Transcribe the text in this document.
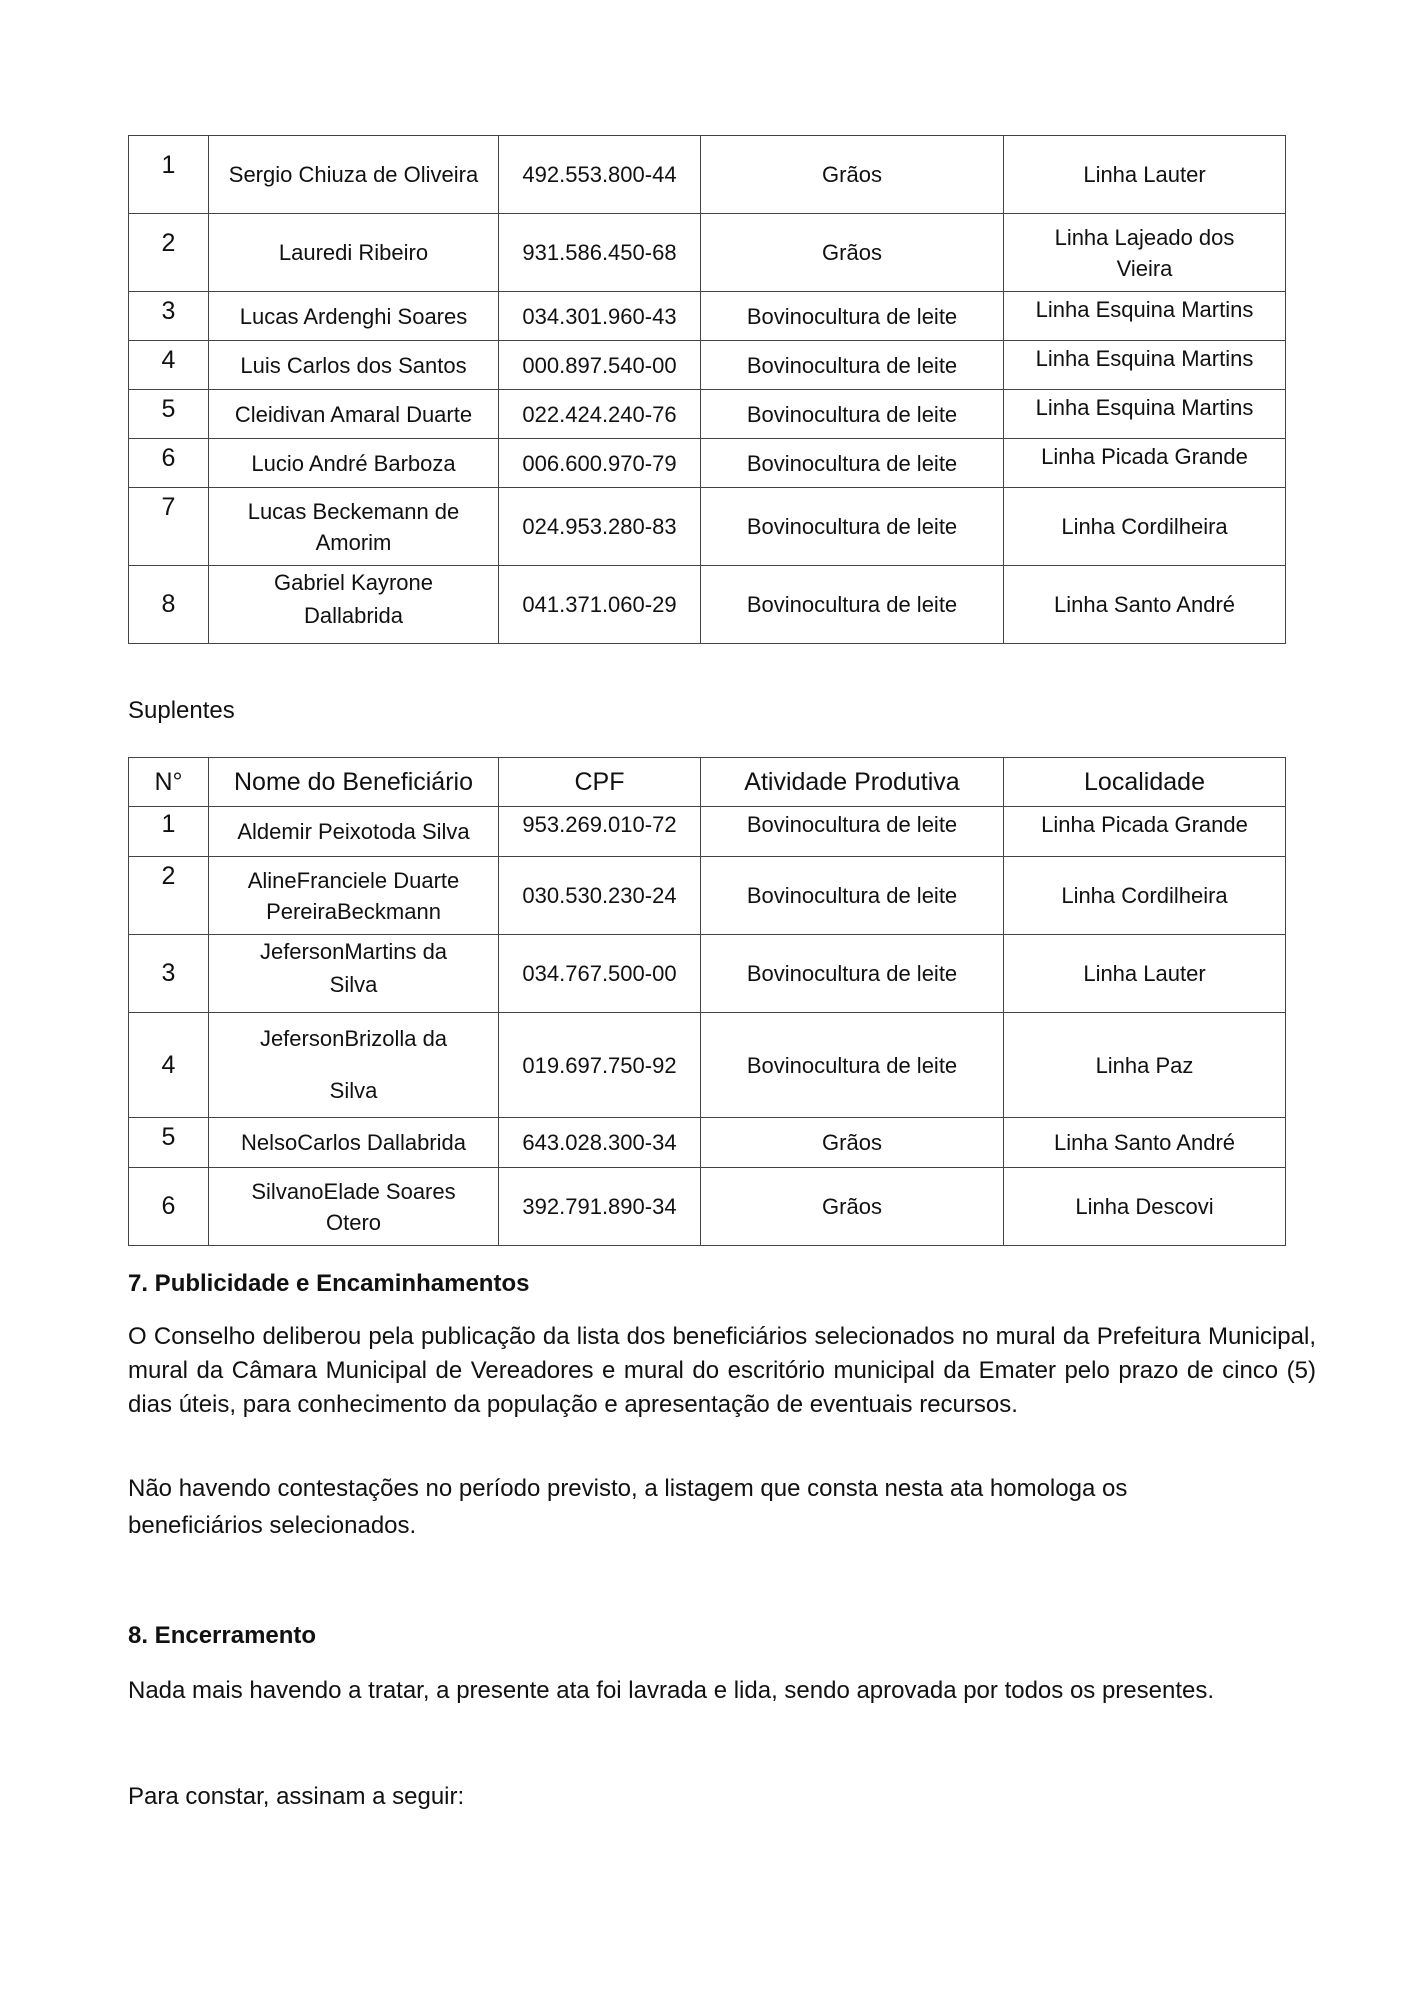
1	Sergio Chiuza de Oliveira	492.553.800-44	Grãos	Linha Lauter
2	Lauredi Ribeiro	931.586.450-68	Grãos	Linha Lajeado dos Vieira
3	Lucas Ardenghi Soares	034.301.960-43	Bovinocultura de leite	Linha Esquina Martins
4	Luis Carlos dos Santos	000.897.540-00	Bovinocultura de leite	Linha Esquina Martins
5	Cleidivan Amaral Duarte	022.424.240-76	Bovinocultura de leite	Linha Esquina Martins
6	Lucio André Barboza	006.600.970-79	Bovinocultura de leite	Linha Picada Grande
7	Lucas Beckemann de Amorim	024.953.280-83	Bovinocultura de leite	Linha Cordilheira
8	Gabriel Kayrone Dallabrida	041.371.060-29	Bovinocultura de leite	Linha Santo André
Suplentes
N°	Nome do Beneficiário	CPF	Atividade Produtiva	Localidade
1	Aldemir Peixotoda Silva	953.269.010-72	Bovinocultura de leite	Linha Picada Grande
2	AlineFranciele Duarte PereiraBeckmann	030.530.230-24	Bovinocultura de leite	Linha Cordilheira
3	JefersonMartins da Silva	034.767.500-00	Bovinocultura de leite	Linha Lauter
4	JefersonBrizolla da Silva	019.697.750-92	Bovinocultura de leite	Linha Paz
5	NelsoCarlos Dallabrida	643.028.300-34	Grãos	Linha Santo André
6	SilvanoElade Soares Otero	392.791.890-34	Grãos	Linha Descovi
7. Publicidade e Encaminhamentos

O Conselho deliberou pela publicação da lista dos beneficiários selecionados no mural da Prefeitura Municipal, mural da Câmara Municipal de Vereadores e mural do escritório municipal da Emater pelo prazo de cinco (5) dias úteis, para conhecimento da população e apresentação de eventuais recursos.

Não havendo contestações no período previsto, a listagem que consta nesta ata homologa os beneficiários selecionados.

8. Encerramento

Nada mais havendo a tratar, a presente ata foi lavrada e lida, sendo aprovada por todos os presentes.

Para constar, assinam a seguir:
